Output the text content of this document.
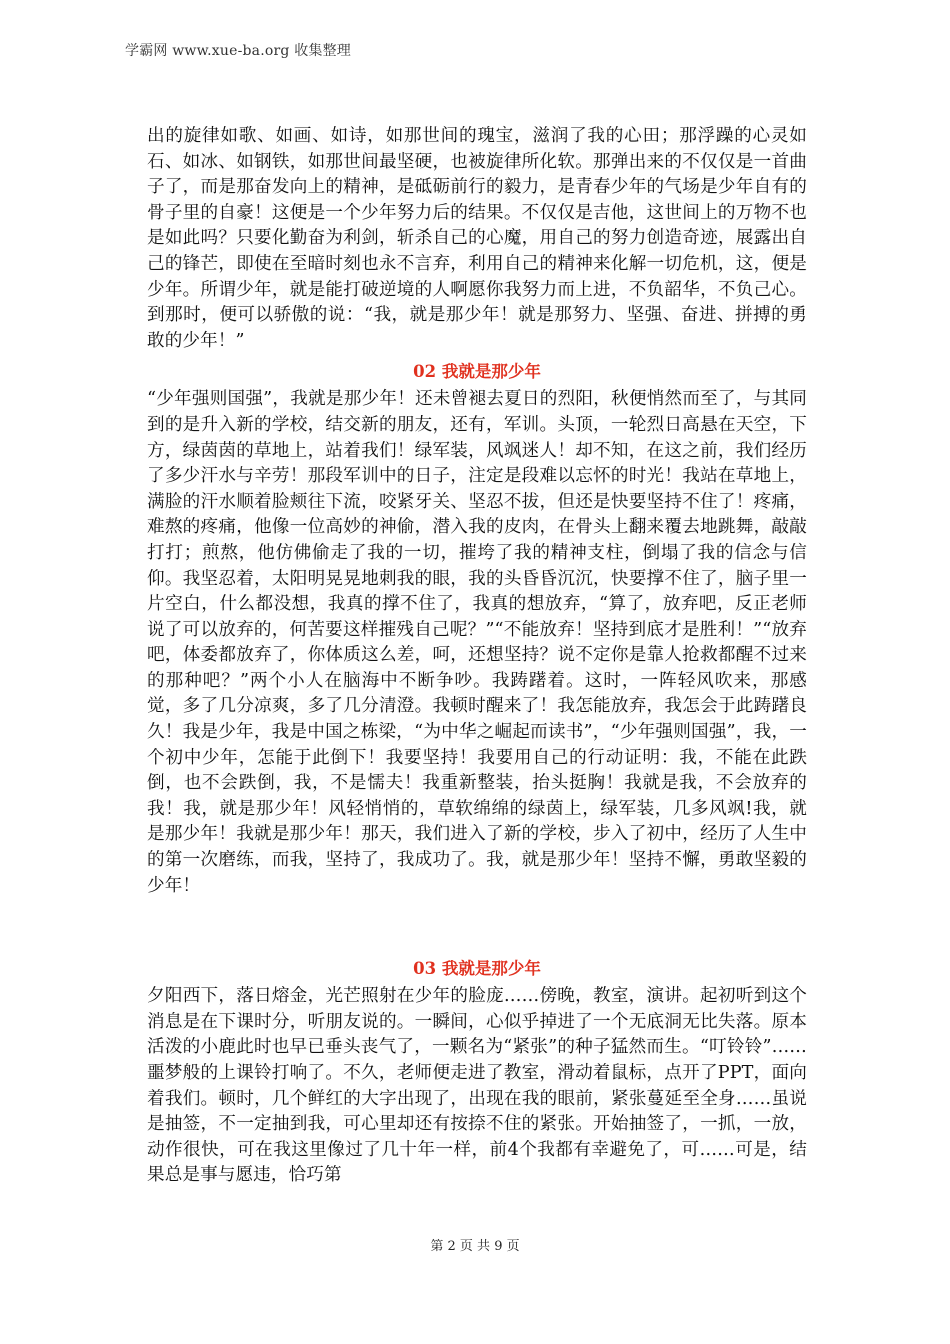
学霸网 www.xue-ba.org 收集整理

出的旋律如歌、如画、如诗，如那世间的瑰宝，滋润了我的心田；那浮躁的心灵如石、如冰、如钢铁，如那世间最坚硬，也被旋律所化软。那弹出来的不仅仅是一首曲子了，而是那奋发向上的精神，是砥砺前行的毅力，是青春少年的气场是少年自有的骨子里的自豪！这便是一个少年努力后的结果。不仅仅是吉他，这世间上的万物不也是如此吗？只要化勤奋为利剑，斩杀自己的心魔，用自己的努力创造奇迹，展露出自己的锋芒，即使在至暗时刻也永不言弃，利用自己的精神来化解一切危机，这，便是少年。所谓少年，就是能打破逆境的人啊愿你我努力而上进，不负韶华，不负己心。到那时，便可以骄傲的说：“我，就是那少年！就是那努力、坚强、奋进、拼搏的勇敢的少年！”

02 我就是那少年

“少年强则国强”，我就是那少年！还未曾褪去夏日的烈阳，秋便悄然而至了，与其同到的是升入新的学校，结交新的朋友，还有，军训。头顶，一轮烈日高悬在天空，下方，绿茵茵的草地上，站着我们！绿军装，风飒迷人！却不知，在这之前，我们经历了多少汗水与辛劳！那段军训中的日子，注定是段难以忘怀的时光！我站在草地上，满脸的汗水顺着脸颊往下流，咬紧牙关、坚忍不拔，但还是快要坚持不住了！疼痛，难熬的疼痛，他像一位高妙的神偷，潜入我的皮肉，在骨头上翻来覆去地跳舞，敲敲打打；煎熬，他仿佛偷走了我的一切，摧垮了我的精神支柱，倒塌了我的信念与信仰。我坚忍着，太阳明晃晃地刺我的眼，我的头昏昏沉沉，快要撑不住了，脑子里一片空白，什么都没想，我真的撑不住了，我真的想放弃，“算了，放弃吧，反正老师说了可以放弃的，何苦要这样摧残自己呢？”“不能放弃！坚持到底才是胜利！”“放弃吧，体委都放弃了，你体质这么差，呵，还想坚持？说不定你是靠人抢救都醒不过来的那种吧？”两个小人在脑海中不断争吵。我踌躇着。这时，一阵轻风吹来，那感觉，多了几分凉爽，多了几分清澄。我顿时醒来了！我怎能放弃，我怎会于此踌躇良久！我是少年，我是中国之栋梁，“为中华之崛起而读书”，“少年强则国强”，我，一个初中少年，怎能于此倒下！我要坚持！我要用自己的行动证明：我，不能在此跌倒，也不会跌倒，我，不是懦夫！我重新整装，抬头挺胸！我就是我，不会放弃的我！我，就是那少年！风轻悄悄的，草软绵绵的绿茵上，绿军装，几多风飒!我，就是那少年！我就是那少年！那天，我们进入了新的学校，步入了初中，经历了人生中的第一次磨练，而我，坚持了，我成功了。我，就是那少年！坚持不懈，勇敢坚毅的少年！

03 我就是那少年

夕阳西下，落日熔金，光芒照射在少年的脸庞……傍晚，教室，演讲。起初听到这个消息是在下课时分，听朋友说的。一瞬间，心似乎掉进了一个无底洞无比失落。原本活泼的小鹿此时也早已垂头丧气了，一颗名为“紧张”的种子猛然而生。“叮铃铃”……噩梦般的上课铃打响了。不久，老师便走进了教室，滑动着鼠标，点开了PPT，面向着我们。顿时，几个鲜红的大字出现了，出现在我的眼前，紧张蔓延至全身……虽说是抽签，不一定抽到我，可心里却还有按捺不住的紧张。开始抽签了，一抓，一放，动作很快，可在我这里像过了几十年一样，前4个我都有幸避免了，可……可是，结果总是事与愿违，恰巧第

第 2 页 共 9 页
